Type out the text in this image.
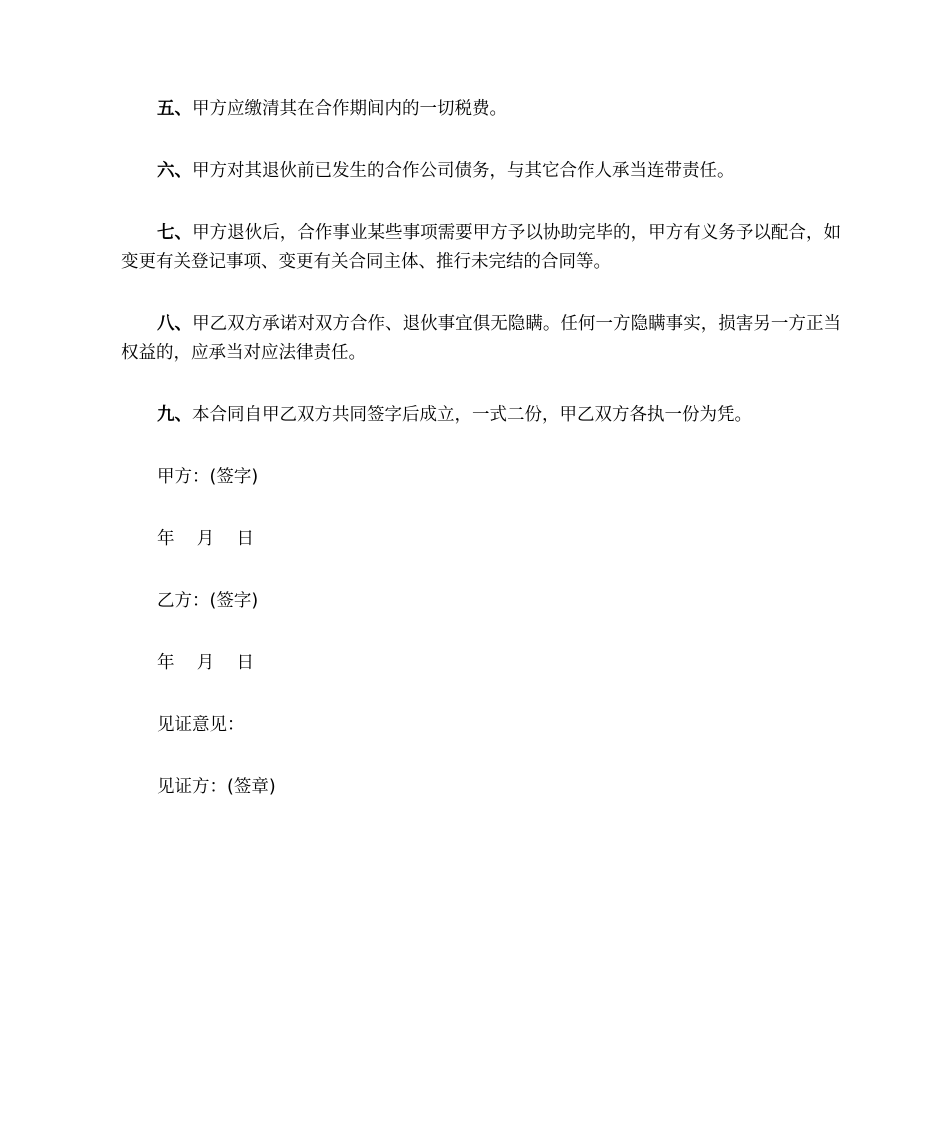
五、甲方应缴清其在合作期间内的一切税费。

六、甲方对其退伙前已发生的合作公司债务，与其它合作人承当连带责任。

七、甲方退伙后，合作事业某些事项需要甲方予以协助完毕的，甲方有义务予以配合，如变更有关登记事项、变更有关合同主体、推行未完结的合同等。

八、甲乙双方承诺对双方合作、退伙事宜俱无隐瞒。任何一方隐瞒事实，损害另一方正当权益的，应承当对应法律责任。

九、本合同自甲乙双方共同签字后成立，一式二份，甲乙双方各执一份为凭。

甲方：(签字)

年    月    日

乙方：(签字)

年    月    日

见证意见：

见证方：(签章)
